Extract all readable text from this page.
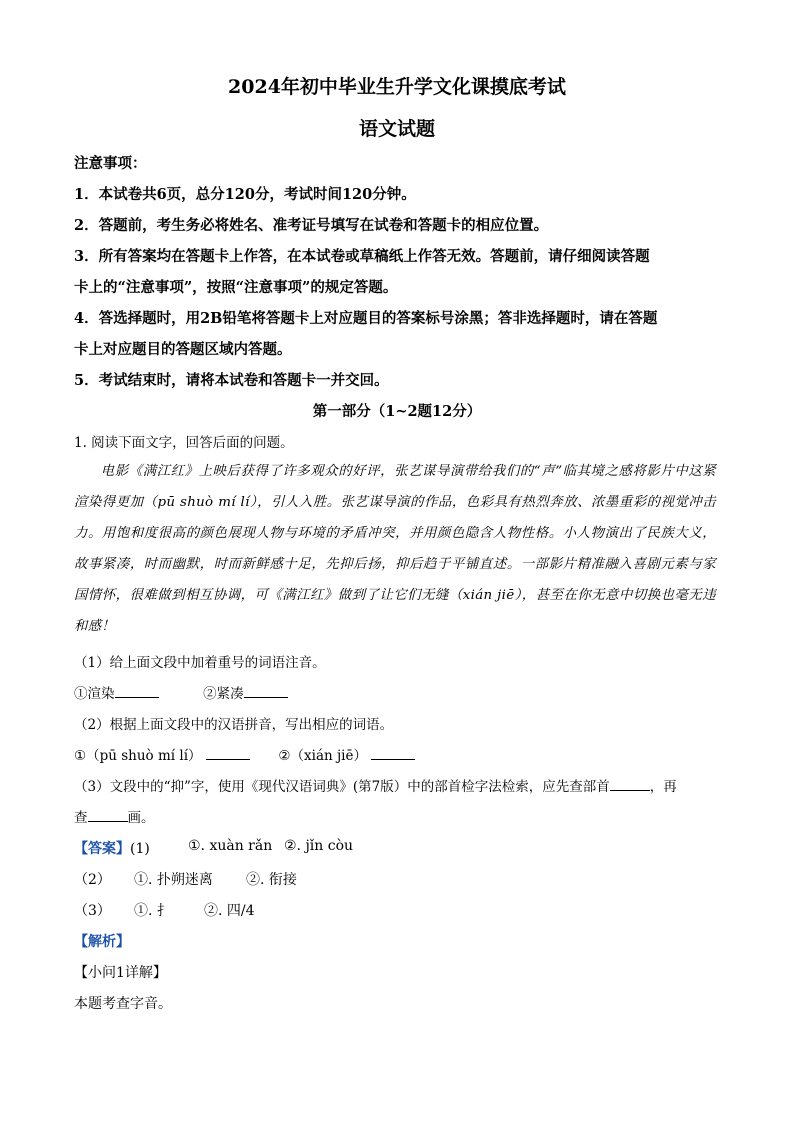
2024年初中毕业生升学文化课摸底考试
语文试题

注意事项：

1．本试卷共6页，总分120分，考试时间120分钟。

2．答题前，考生务必将姓名、准考证号填写在试卷和答题卡的相应位置。

3．所有答案均在答题卡上作答，在本试卷或草稿纸上作答无效。答题前，请仔细阅读答题

卡上的“注意事项”，按照“注意事项”的规定答题。

4．答选择题时，用2B铅笔将答题卡上对应题目的答案标号涂黑；答非选择题时，请在答题

卡上对应题目的答题区域内答题。

5．考试结束时，请将本试卷和答题卡一并交回。

第一部分（1~2题12分）

1. 阅读下面文字，回答后面的问题。

电影《满江红》上映后获得了许多观众的好评，张艺谋导演带给我们的“声”临其境之感将影片中这紧渲染得更加（pū shuò mí lí），引人入胜。张艺谋导演的作品，色彩具有热烈奔放、浓墨重彩的视觉冲击力。用饱和度很高的颜色展现人物与环境的矛盾冲突，并用颜色隐含人物性格。小人物演出了民族大义，故事紧凑，时而幽默，时而新鲜感十足，先抑后扬，抑后趋于平铺直述。一部影片精准融入喜剧元素与家国情怀，很难做到相互协调，可《满江红》做到了让它们无缝（xián jiē），甚至在你无意中切换也毫无违和感！

（1）给上面文段中加着重号的词语注音。

①渲染	②紧凑

（2）根据上面文段中的汉语拼音，写出相应的词语。

①（pū shuò mí lí）	②（xián jiē）

（3）文段中的“抑”字，使用《现代汉语词典》(第7版）中的部首检字法检索，应先查部首	，再

查	画。

【答案】(1)	①. xuàn rǎn ②. jǐn còu

（2） ①. 扑朔迷离 ②. 衔接

（3） ①. 扌 ②. 四/4

【解析】

【小问1详解】

本题考查字音。
